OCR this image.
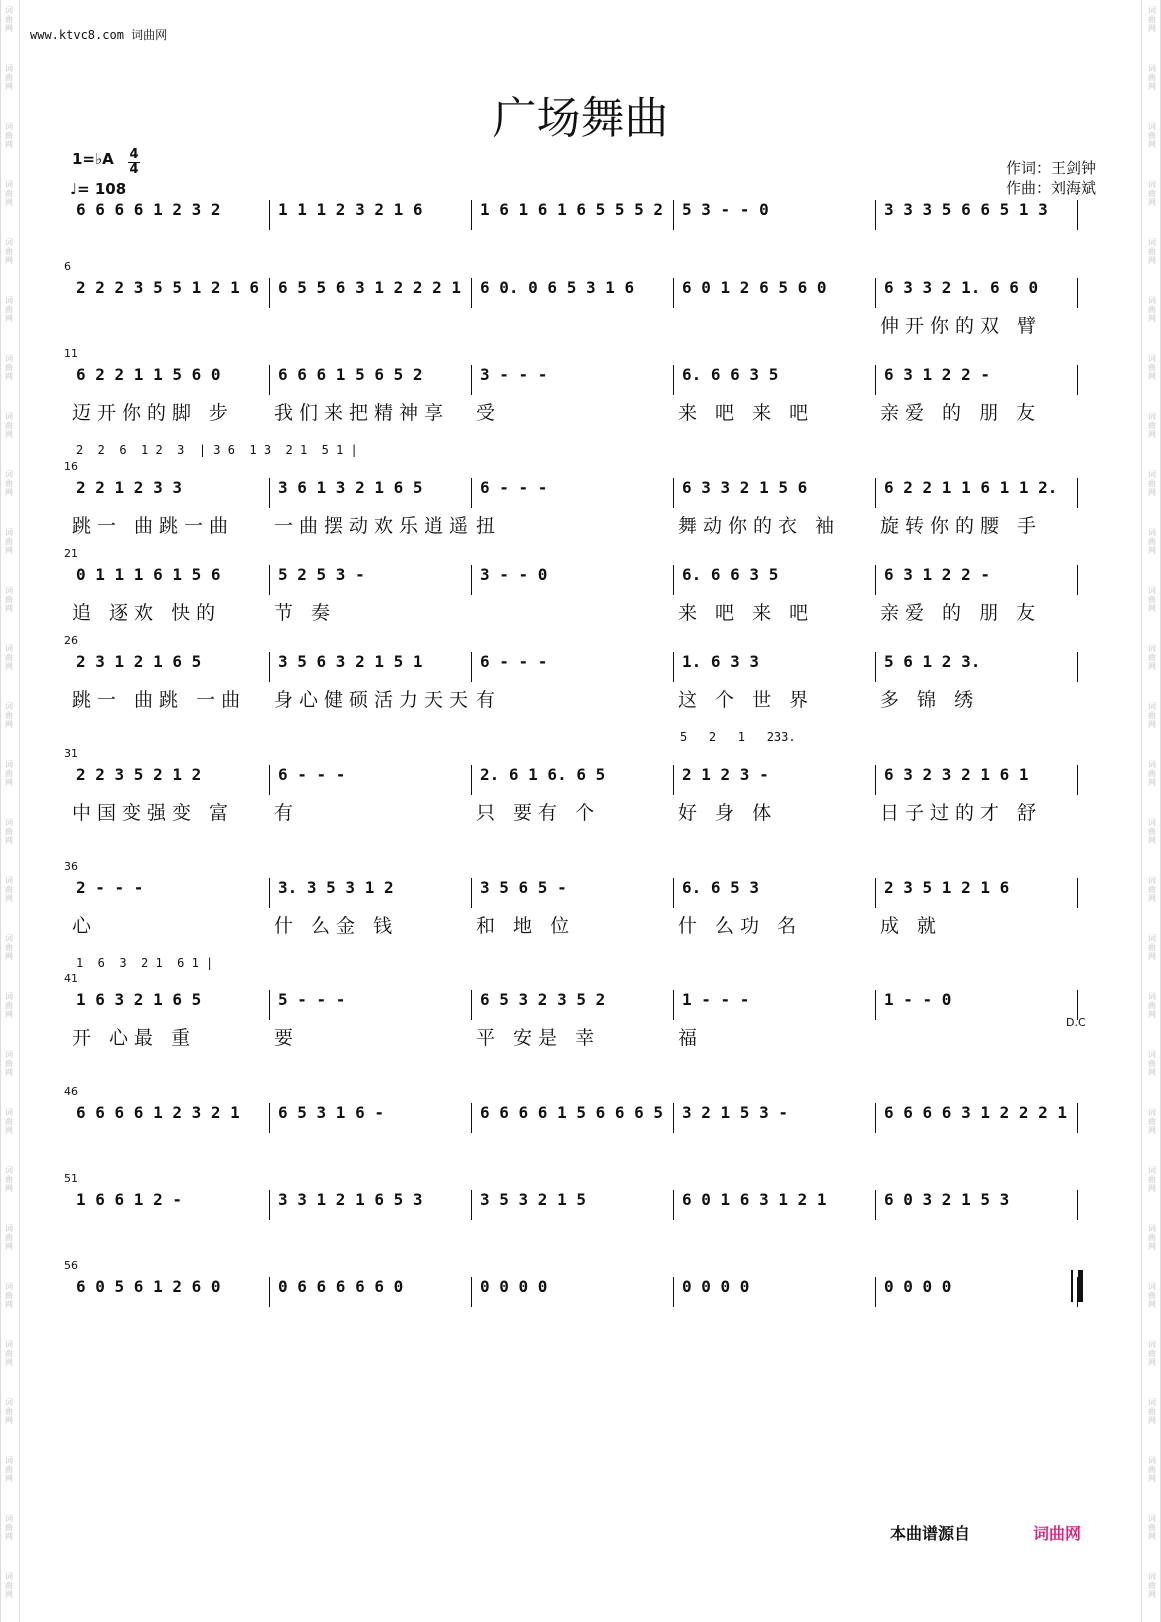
www.ktvc8.com 词曲网
广场舞曲
1=♭A 4
4
♩= 108
作词：王剑钟
作曲：刘海斌
6 6 6 6 1 2 3 2	1 1 1 2 3 2 1 6	1 6 1 6 1 6 5 5 5 2 5 3 - - 0	3 3 3 5 6 6 5 1 3
6
2 2 2 3 5 5 1 2 1 6 6 5 5 6 3 1 2 2 2 1 6 0. 0 6 5 3 1 6	6 0 1 2 6 5 6 0	6 3 3 2 1. 6 6 0
伸开你的双 臂
11
6 2 2 1 1 5 6 0	6 6 6 1 5 6 5 2	3 - - -	6. 6 6 3 5	6 3 1 2 2 -
迈开你的脚 步 我们来把精神享 受	来 吧 来 吧	亲爱 的 朋 友
16
2 2 1 2 3 3	3 6 1 3 2 1 6 5	6 - - -	6 3 3 2 1 5 6	6 2 2 1 1 6 1 1 2.
跳一 曲跳一曲 一曲摆动欢乐逍遥 扭	舞动你的衣 袖 旋转你的腰 手
21
0 1 1 1 6 1 5 6	5 2 5 3 -	3 - - 0	6. 6 6 3 5	6 3 1 2 2 -
追 逐欢 快的	节 奏	来 吧 来 吧	亲爱 的 朋 友
26
2 3 1 2 1 6 5	3 5 6 3 2 1 5 1	6 - - -	1. 6 3 3	5 6 1 2 3.
跳一 曲跳 一曲 身心健硕活力天天 有	这 个 世 界	多 锦 绣
31
2 2 3 5 2 1 2	6 - - -	2. 6 1 6. 6 5	2 1 2 3 -	6 3 2 3 2 1 6 1
中国变强变 富 有	只 要有 个	好 身 体	日子过的才 舒
36
2 - - -	3. 3 5 3 1 2	3 5 6 5 -	6. 6 5 3	2 3 5 1 2 1 6
心	什 么金 钱	和 地 位	什 么功 名	成 就
41
1 6 3 2 1 6 5	5 - - -	6 5 3 2 3 5 2	1 - - -	1 - - 0
开 心最 重	要	平 安是 幸	福
46
6 6 6 6 1 2 3 2 1 6 5 3 1 6 -	6 6 6 6 1 5 6 6 6 5 3 2 1 5 3 -	6 6 6 6 3 1 2 2 2 1
51
1 6 6 1 2 -	3 3 1 2 1 6 5 3	3 5 3 2 1 5	6 0 1 6 3 1 2 1	6 0 3 2 1 5 3
56
6 0 5 6 1 2 6 0	0 6 6 6 6 6 0	0 0 0 0	0 0 0 0	0 0 0 0
2  2  6  1 2  3  | 3 6  1 3  2 1  5 1 |
5   2   1   233.
1  6  3  2 1  6 1 |
D.C
本曲谱源自	词曲网
词
曲
网
词
曲
网
词
曲
网
词
曲
网
词
曲
网
词
曲
网
词
曲
网
词
曲
网
词
曲
网
词
曲
网
词
曲
网
词
曲
网
词
曲
网
词
曲
网
词
曲
网
词
曲
网
词
曲
网
词
曲
网
词
曲
网
词
曲
网
词
曲
网
词
曲
网
词
曲
网
词
曲
网
词
曲
网
词
曲
网
词
曲
网
词
曲
网
词
曲
网
词
曲
网
词
曲
网
词
曲
网
词
曲
网
词
曲
网
词
曲
网
词
曲
网
词
曲
网
词
曲
网
词
曲
网
词
曲
网
词
曲
网
词
曲
网
词
曲
网
词
曲
网
词
曲
网
词
曲
网
词
曲
网
词
曲
网
词
曲
网
词
曲
网
词
曲
网
词
曲
网
词
曲
网
词
曲
网
词
曲
网
词
曲
网
